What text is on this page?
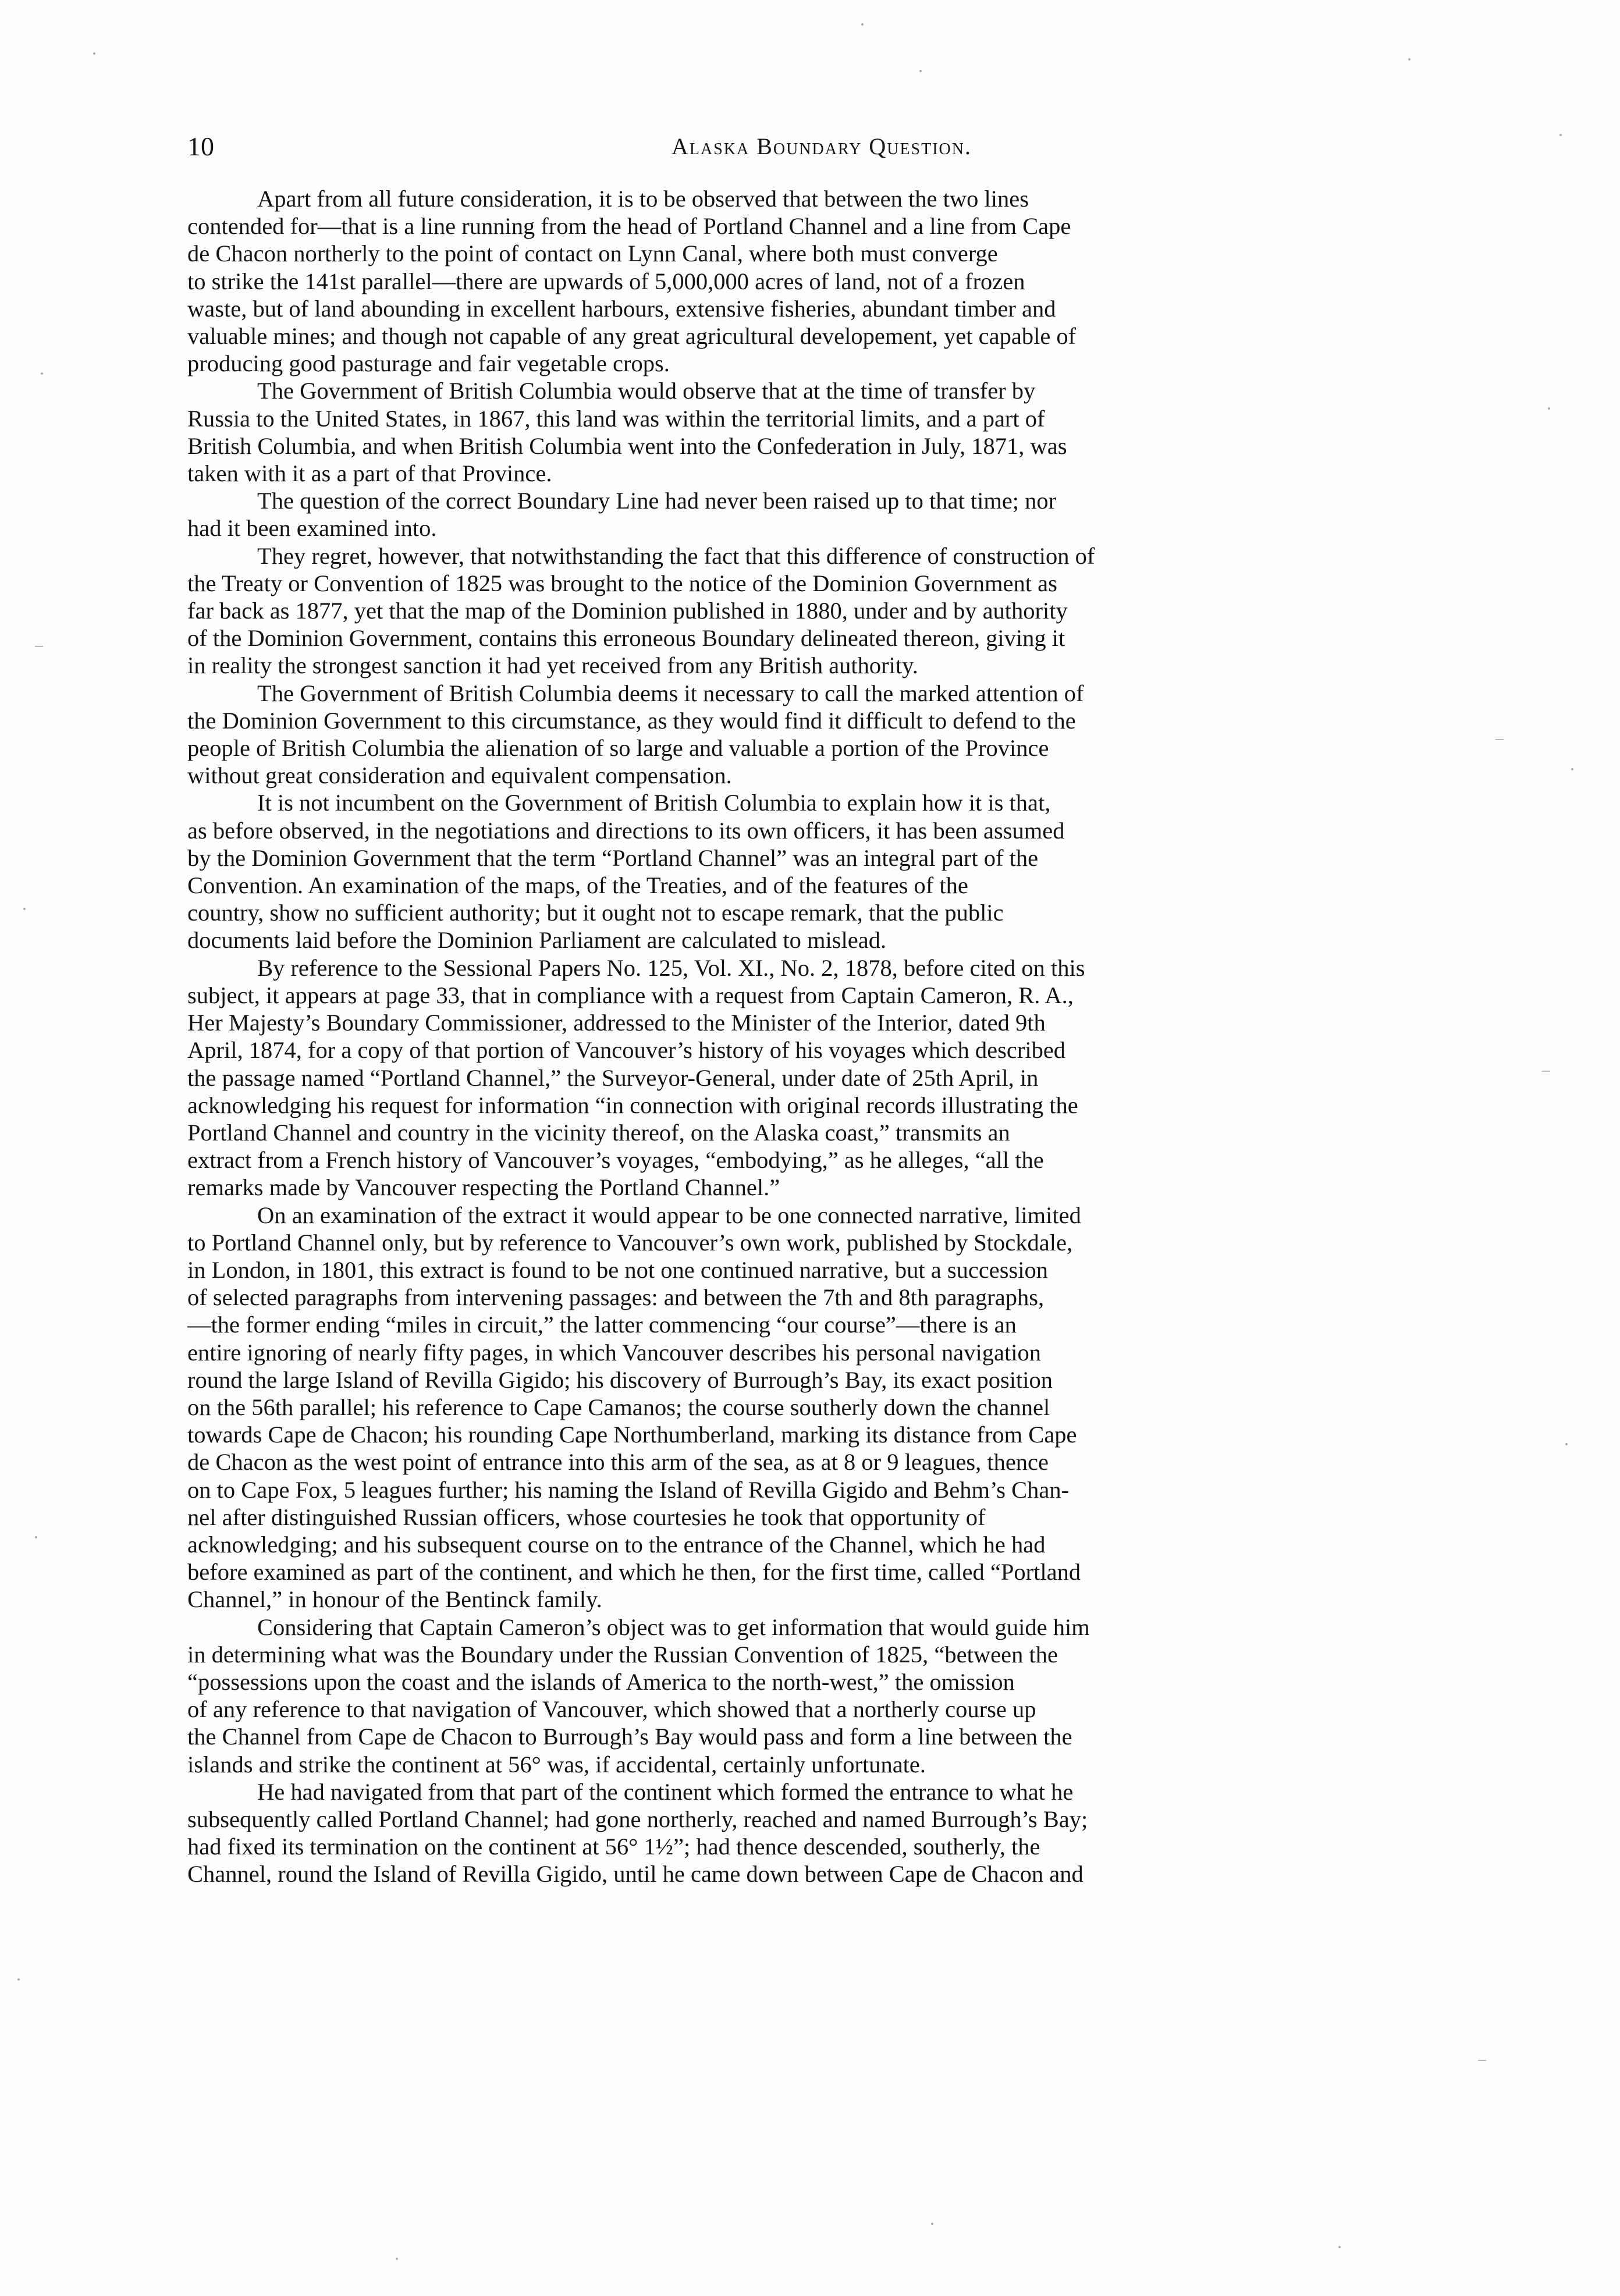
10	Alaska Boundary Question.
Apart from all future consideration, it is to be observed that between the two lines
contended for—that is a line running from the head of Portland Channel and a line from Cape
de Chacon northerly to the point of contact on Lynn Canal, where both must converge
to strike the 141st parallel—there are upwards of 5,000,000 acres of land, not of a frozen
waste, but of land abounding in excellent harbours, extensive fisheries, abundant timber and
valuable mines; and though not capable of any great agricultural developement, yet capable of
producing good pasturage and fair vegetable crops.
The Government of British Columbia would observe that at the time of transfer by
Russia to the United States, in 1867, this land was within the territorial limits, and a part of
British Columbia, and when British Columbia went into the Confederation in July, 1871, was
taken with it as a part of that Province.
The question of the correct Boundary Line had never been raised up to that time; nor
had it been examined into.
They regret, however, that notwithstanding the fact that this difference of construction of
the Treaty or Convention of 1825 was brought to the notice of the Dominion Government as
far back as 1877, yet that the map of the Dominion published in 1880, under and by authority
of the Dominion Government, contains this erroneous Boundary delineated thereon, giving it
in reality the strongest sanction it had yet received from any British authority.
The Government of British Columbia deems it necessary to call the marked attention of
the Dominion Government to this circumstance, as they would find it difficult to defend to the
people of British Columbia the alienation of so large and valuable a portion of the Province
without great consideration and equivalent compensation.
It is not incumbent on the Government of British Columbia to explain how it is that,
as before observed, in the negotiations and directions to its own officers, it has been assumed
by the Dominion Government that the term “Portland Channel” was an integral part of the
Convention. An examination of the maps, of the Treaties, and of the features of the
country, show no sufficient authority; but it ought not to escape remark, that the public
documents laid before the Dominion Parliament are calculated to mislead.
By reference to the Sessional Papers No. 125, Vol. XI., No. 2, 1878, before cited on this
subject, it appears at page 33, that in compliance with a request from Captain Cameron, R. A.,
Her Majesty’s Boundary Commissioner, addressed to the Minister of the Interior, dated 9th
April, 1874, for a copy of that portion of Vancouver’s history of his voyages which described
the passage named “Portland Channel,” the Surveyor-General, under date of 25th April, in
acknowledging his request for information “in connection with original records illustrating the
Portland Channel and country in the vicinity thereof, on the Alaska coast,” transmits an
extract from a French history of Vancouver’s voyages, “embodying,” as he alleges, “all the
remarks made by Vancouver respecting the Portland Channel.”
On an examination of the extract it would appear to be one connected narrative, limited
to Portland Channel only, but by reference to Vancouver’s own work, published by Stockdale,
in London, in 1801, this extract is found to be not one continued narrative, but a succession
of selected paragraphs from intervening passages: and between the 7th and 8th paragraphs,
—the former ending “miles in circuit,” the latter commencing “our course”—there is an
entire ignoring of nearly fifty pages, in which Vancouver describes his personal navigation
round the large Island of Revilla Gigido; his discovery of Burrough’s Bay, its exact position
on the 56th parallel; his reference to Cape Camanos; the course southerly down the channel
towards Cape de Chacon; his rounding Cape Northumberland, marking its distance from Cape
de Chacon as the west point of entrance into this arm of the sea, as at 8 or 9 leagues, thence
on to Cape Fox, 5 leagues further; his naming the Island of Revilla Gigido and Behm’s Chan-
nel after distinguished Russian officers, whose courtesies he took that opportunity of
acknowledging; and his subsequent course on to the entrance of the Channel, which he had
before examined as part of the continent, and which he then, for the first time, called “Portland
Channel,” in honour of the Bentinck family.
Considering that Captain Cameron’s object was to get information that would guide him
in determining what was the Boundary under the Russian Convention of 1825, “between the
“possessions upon the coast and the islands of America to the north-west,” the omission
of any reference to that navigation of Vancouver, which showed that a northerly course up
the Channel from Cape de Chacon to Burrough’s Bay would pass and form a line between the
islands and strike the continent at 56° was, if accidental, certainly unfortunate.
He had navigated from that part of the continent which formed the entrance to what he
subsequently called Portland Channel; had gone northerly, reached and named Burrough’s Bay;
had fixed its termination on the continent at 56° 1½”; had thence descended, southerly, the
Channel, round the Island of Revilla Gigido, until he came down between Cape de Chacon and
